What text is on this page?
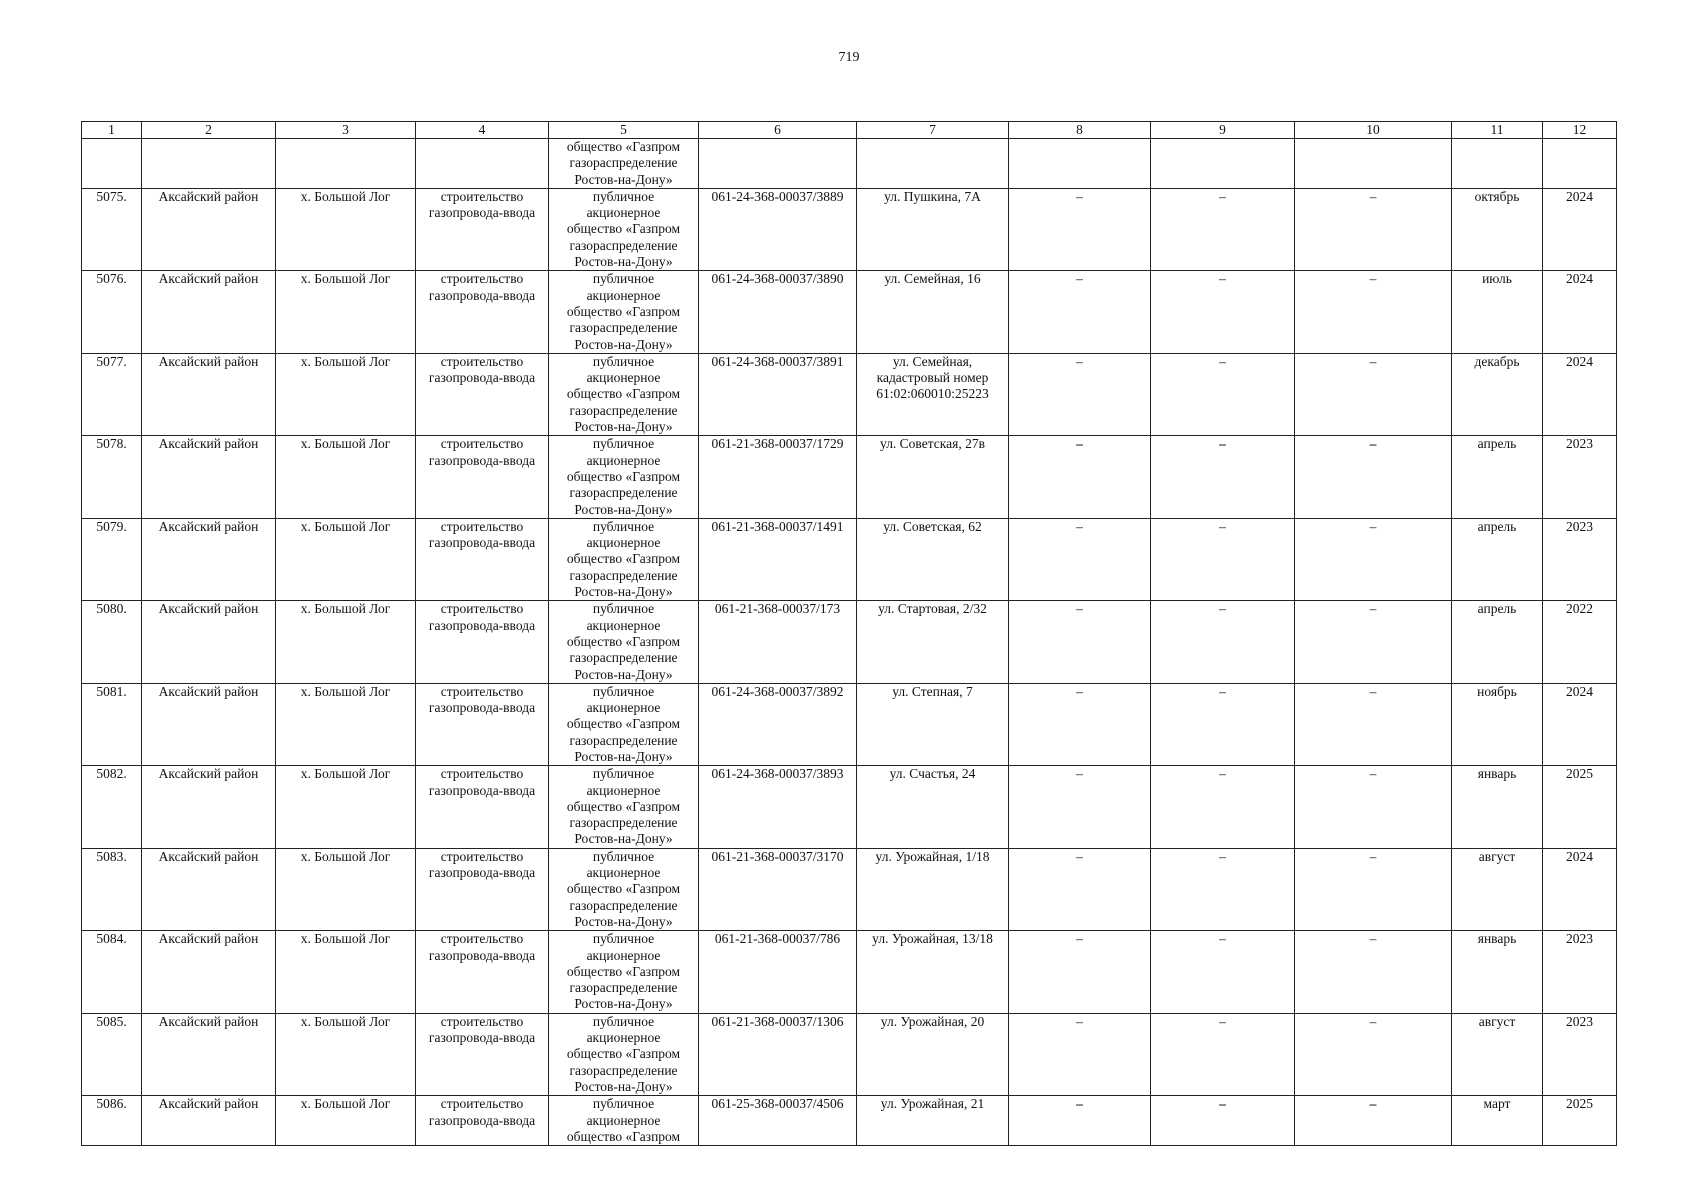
719
1	2	3	4	5	6	7	8	9	10	11	12
				общество «Газпром
газораспределение
Ростов-на-Дону»							
5075.	Аксайский район	х. Большой Лог	строительство газопровода-ввода	публичное
акционерное
общество «Газпром
газораспределение
Ростов-на-Дону»	061-24-368-00037/3889	ул. Пушкина, 7А	–	–	–	октябрь	2024
5076.	Аксайский район	х. Большой Лог	строительство газопровода-ввода	публичное
акционерное
общество «Газпром
газораспределение
Ростов-на-Дону»	061-24-368-00037/3890	ул. Семейная, 16	–	–	–	июль	2024
5077.	Аксайский район	х. Большой Лог	строительство газопровода-ввода	публичное
акционерное
общество «Газпром
газораспределение
Ростов-на-Дону»	061-24-368-00037/3891	ул. Семейная,
кадастровый номер
61:02:060010:25223	–	–	–	декабрь	2024
5078.	Аксайский район	х. Большой Лог	строительство газопровода-ввода	публичное
акционерное
общество «Газпром
газораспределение
Ростов-на-Дону»	061-21-368-00037/1729	ул. Советская, 27в	–	–	–	апрель	2023
5079.	Аксайский район	х. Большой Лог	строительство газопровода-ввода	публичное
акционерное
общество «Газпром
газораспределение
Ростов-на-Дону»	061-21-368-00037/1491	ул. Советская, 62	–	–	–	апрель	2023
5080.	Аксайский район	х. Большой Лог	строительство газопровода-ввода	публичное
акционерное
общество «Газпром
газораспределение
Ростов-на-Дону»	061-21-368-00037/173	ул. Стартовая, 2/32	–	–	–	апрель	2022
5081.	Аксайский район	х. Большой Лог	строительство газопровода-ввода	публичное
акционерное
общество «Газпром
газораспределение
Ростов-на-Дону»	061-24-368-00037/3892	ул. Степная, 7	–	–	–	ноябрь	2024
5082.	Аксайский район	х. Большой Лог	строительство газопровода-ввода	публичное
акционерное
общество «Газпром
газораспределение
Ростов-на-Дону»	061-24-368-00037/3893	ул. Счастья, 24	–	–	–	январь	2025
5083.	Аксайский район	х. Большой Лог	строительство газопровода-ввода	публичное
акционерное
общество «Газпром
газораспределение
Ростов-на-Дону»	061-21-368-00037/3170	ул. Урожайная, 1/18	–	–	–	август	2024
5084.	Аксайский район	х. Большой Лог	строительство газопровода-ввода	публичное
акционерное
общество «Газпром
газораспределение
Ростов-на-Дону»	061-21-368-00037/786	ул. Урожайная, 13/18	–	–	–	январь	2023
5085.	Аксайский район	х. Большой Лог	строительство газопровода-ввода	публичное
акционерное
общество «Газпром
газораспределение
Ростов-на-Дону»	061-21-368-00037/1306	ул. Урожайная, 20	–	–	–	август	2023
5086.	Аксайский район	х. Большой Лог	строительство газопровода-ввода	публичное
акционерное
общество «Газпром	061-25-368-00037/4506	ул. Урожайная, 21	–	–	–	март	2025
